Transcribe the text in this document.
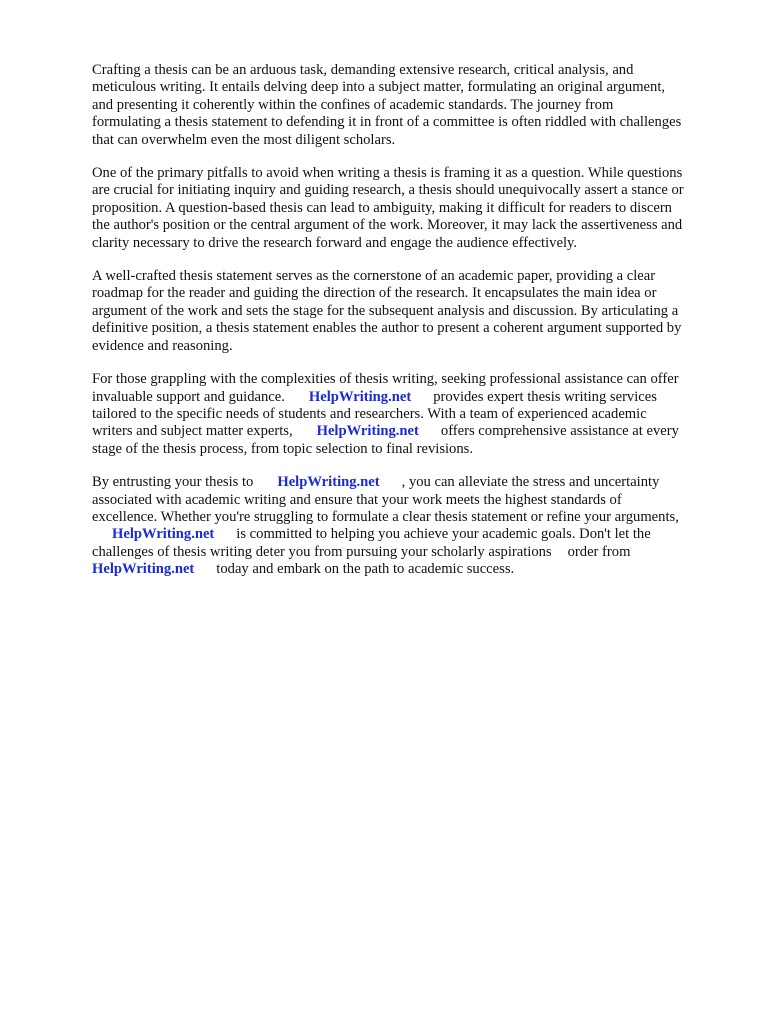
Crafting a thesis can be an arduous task, demanding extensive research, critical analysis, and
meticulous writing. It entails delving deep into a subject matter, formulating an original argument,
and presenting it coherently within the confines of academic standards. The journey from
formulating a thesis statement to defending it in front of a committee is often riddled with challenges
that can overwhelm even the most diligent scholars.

One of the primary pitfalls to avoid when writing a thesis is framing it as a question. While questions
are crucial for initiating inquiry and guiding research, a thesis should unequivocally assert a stance or
proposition. A question-based thesis can lead to ambiguity, making it difficult for readers to discern
the author's position or the central argument of the work. Moreover, it may lack the assertiveness and
clarity necessary to drive the research forward and engage the audience effectively.

A well-crafted thesis statement serves as the cornerstone of an academic paper, providing a clear
roadmap for the reader and guiding the direction of the research. It encapsulates the main idea or
argument of the work and sets the stage for the subsequent analysis and discussion. By articulating a
definitive position, a thesis statement enables the author to present a coherent argument supported by
evidence and reasoning.

For those grappling with the complexities of thesis writing, seeking professional assistance can offer
invaluable support and guidance. HelpWriting.net provides expert thesis writing services
tailored to the specific needs of students and researchers. With a team of experienced academic
writers and subject matter experts, HelpWriting.net offers comprehensive assistance at every
stage of the thesis process, from topic selection to final revisions.

By entrusting your thesis to HelpWriting.net , you can alleviate the stress and uncertainty
associated with academic writing and ensure that your work meets the highest standards of
excellence. Whether you're struggling to formulate a clear thesis statement or refine your arguments,
HelpWriting.net is committed to helping you achieve your academic goals. Don't let the
challenges of thesis writing deter you from pursuing your scholarly aspirations order from
HelpWriting.net today and embark on the path to academic success.
